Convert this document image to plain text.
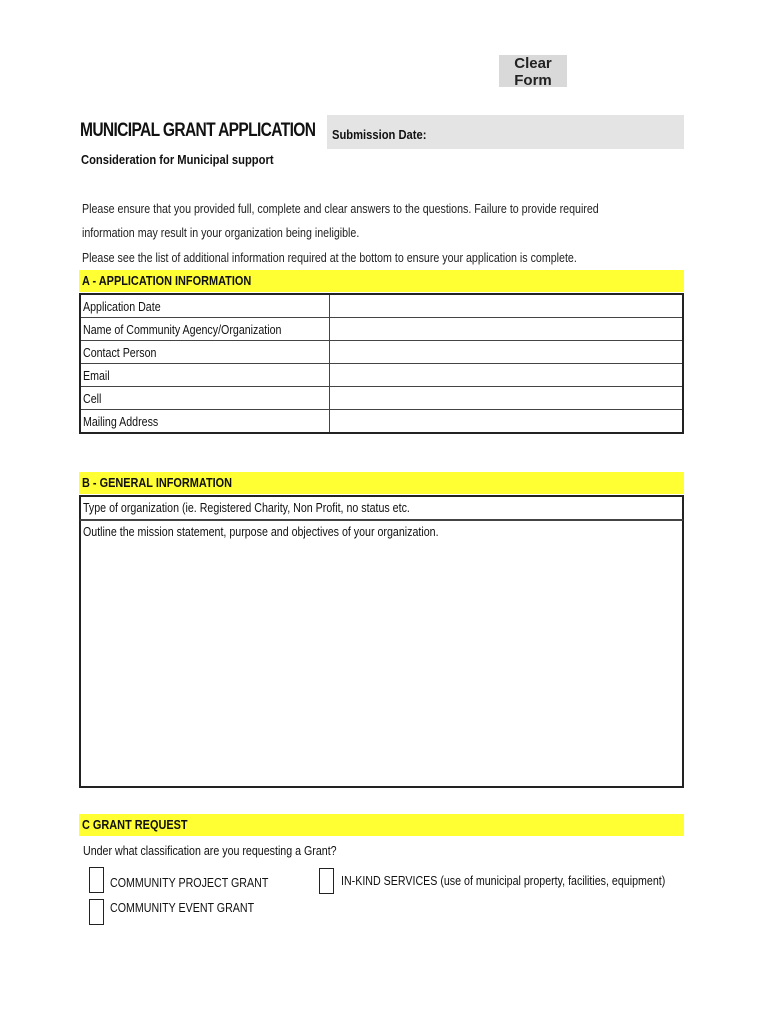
Clear Form
MUNICIPAL GRANT APPLICATION
Consideration for Municipal support
Submission Date:
Please ensure that you provided full, complete and clear answers to the questions. Failure to provide required
information may result in your organization being ineligible.
Please see the list of additional information required at the bottom to ensure your application is complete.
A - APPLICATION INFORMATION
Application Date	
Name of Community Agency/Organization	
Contact Person	
Email	
Cell	
Mailing Address	
B - GENERAL INFORMATION
Type of organization (ie. Registered Charity, Non Profit, no status etc.
Outline the mission statement, purpose and objectives of your organization.
C GRANT REQUEST
Under what classification are you requesting a Grant?
COMMUNITY PROJECT GRANT
COMMUNITY EVENT GRANT
IN-KIND SERVICES (use of municipal property, facilities, equipment)
